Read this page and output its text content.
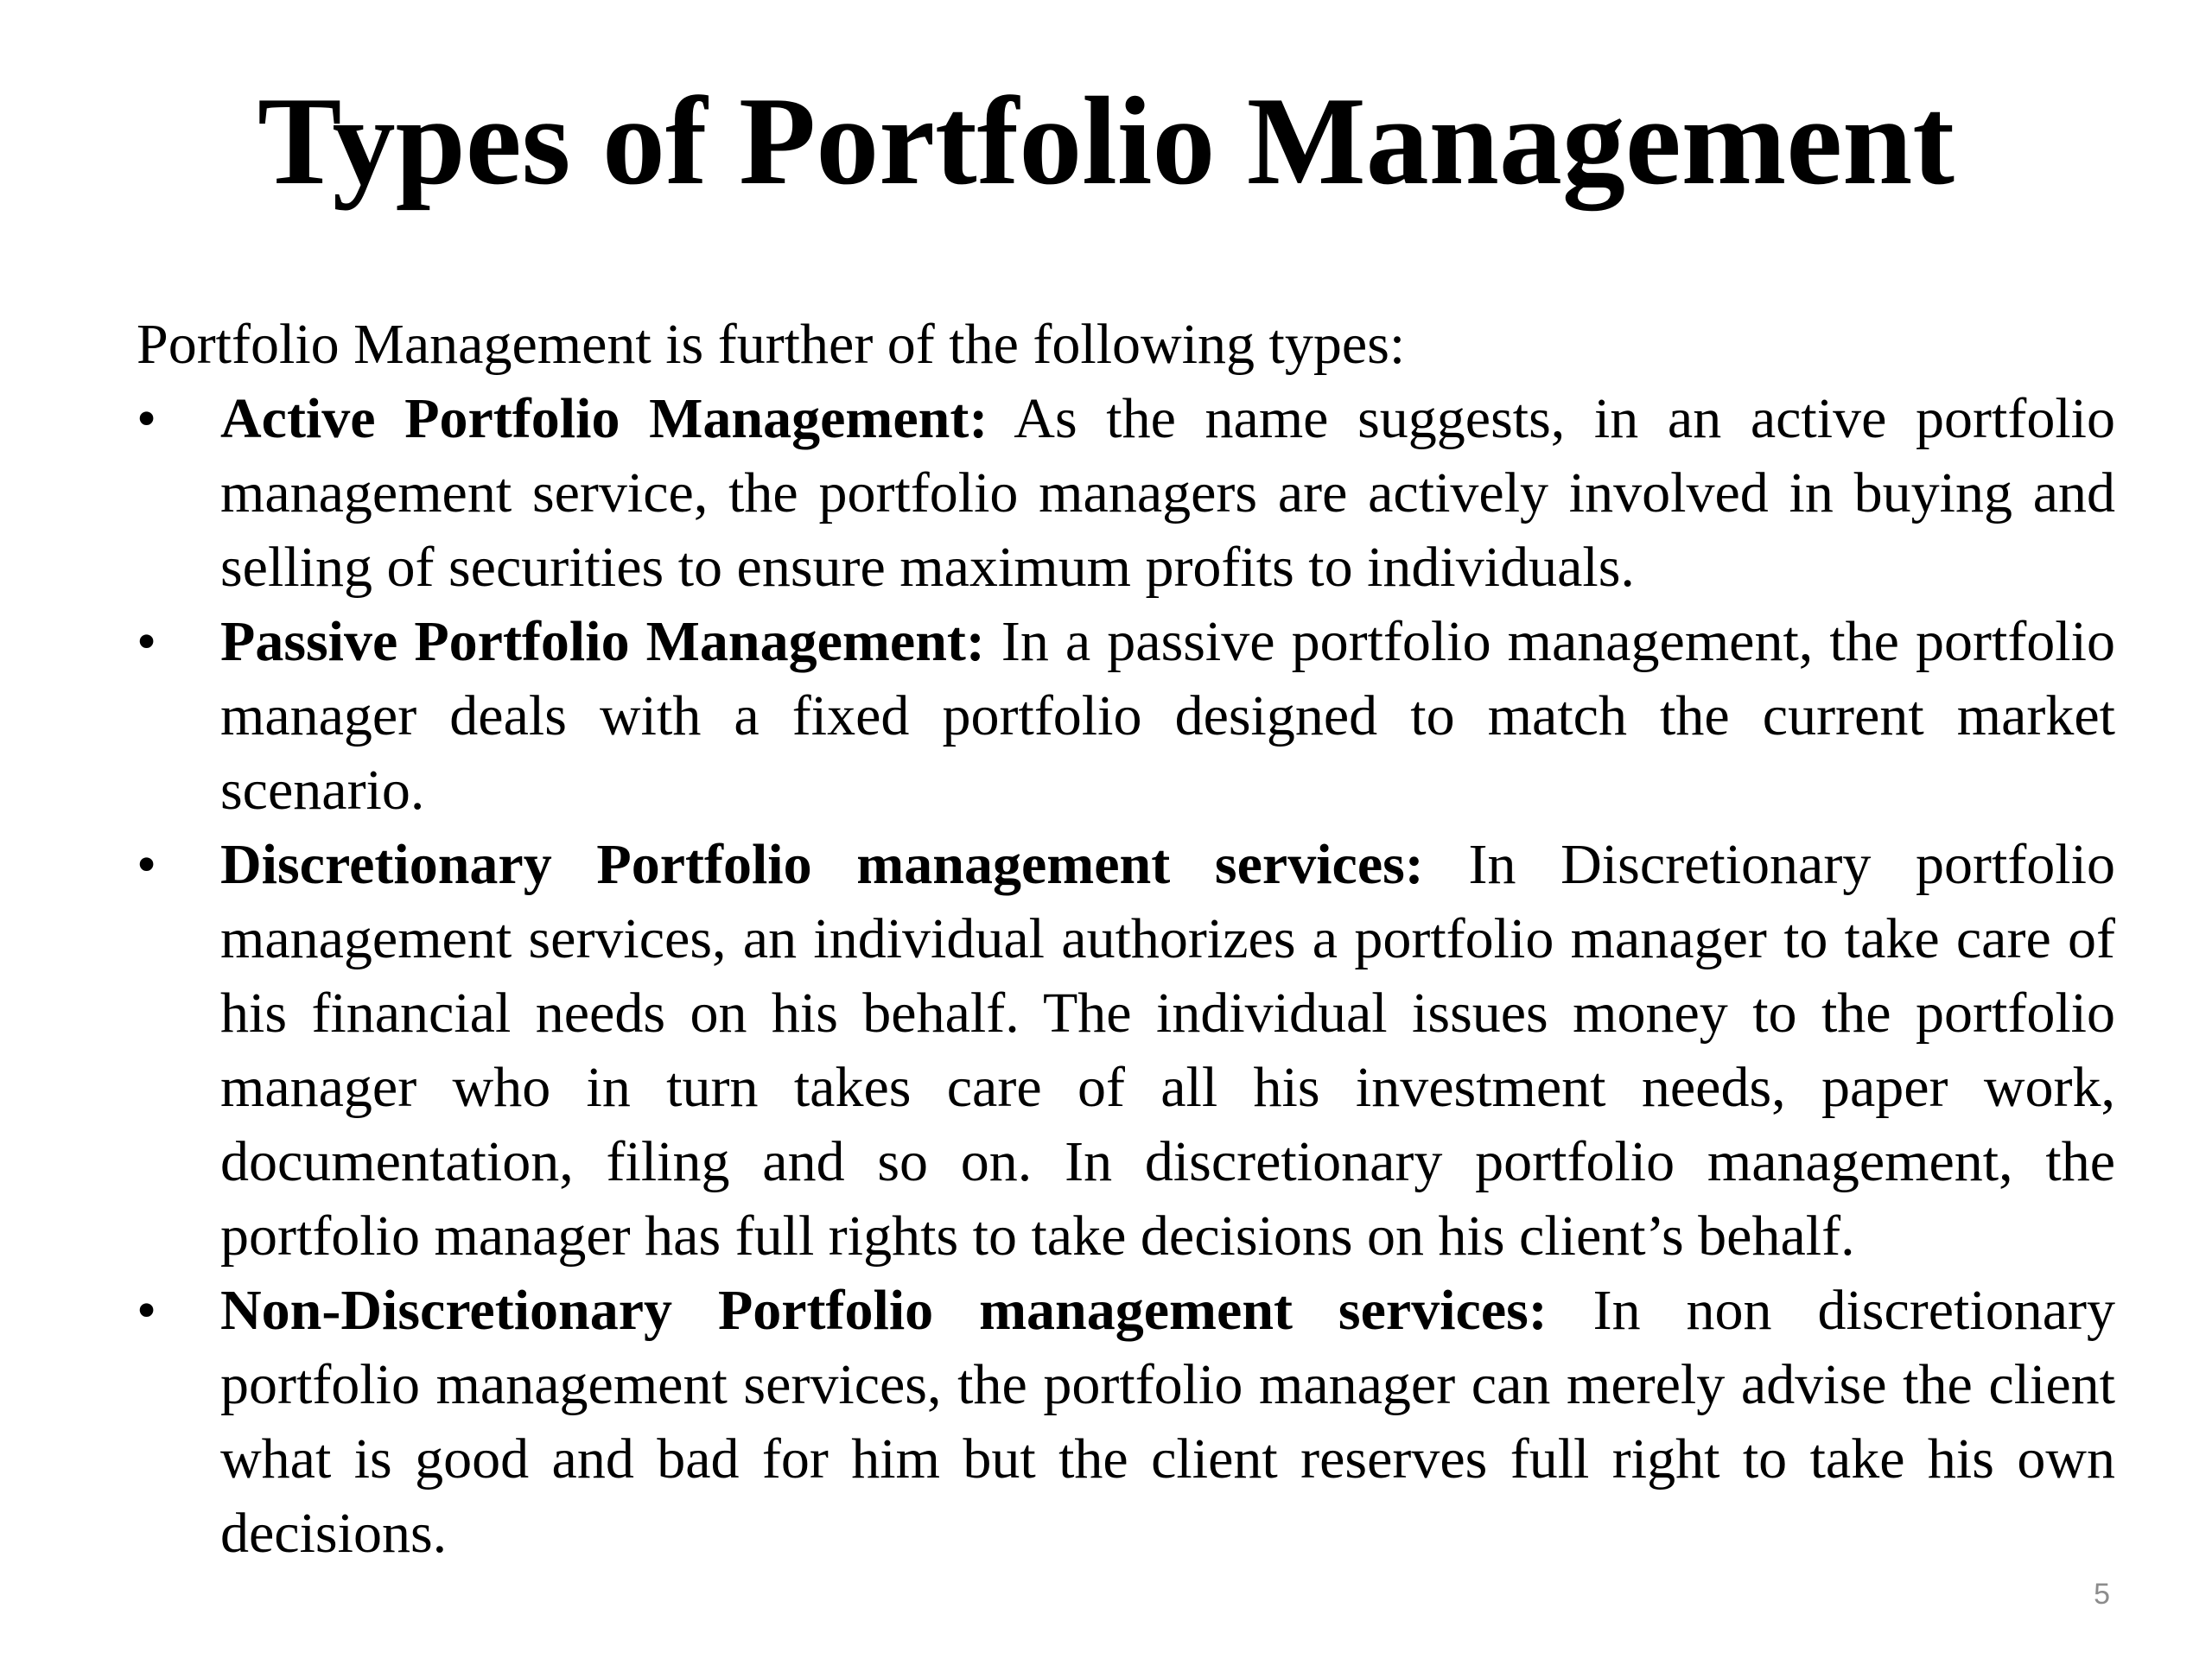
Types of Portfolio Management

Portfolio Management is further of the following types:

•	Active Portfolio Management: As the name suggests, in an active portfolio management service, the portfolio managers are actively involved in buying and selling of securities to ensure maximum profits to individuals.
•	Passive Portfolio Management: In a passive portfolio management, the portfolio manager deals with a fixed portfolio designed to match the current market scenario.
•	Discretionary Portfolio management services: In Discretionary portfolio management services, an individual authorizes a portfolio manager to take care of his financial needs on his behalf. The individual issues money to the portfolio manager who in turn takes care of all his investment needs, paper work, documentation, filing and so on. In discretionary portfolio management, the portfolio manager has full rights to take decisions on his client’s behalf.
•	Non-Discretionary Portfolio management services: In non discretionary portfolio management services, the portfolio manager can merely advise the client what is good and bad for him but the client reserves full right to take his own decisions.
5
